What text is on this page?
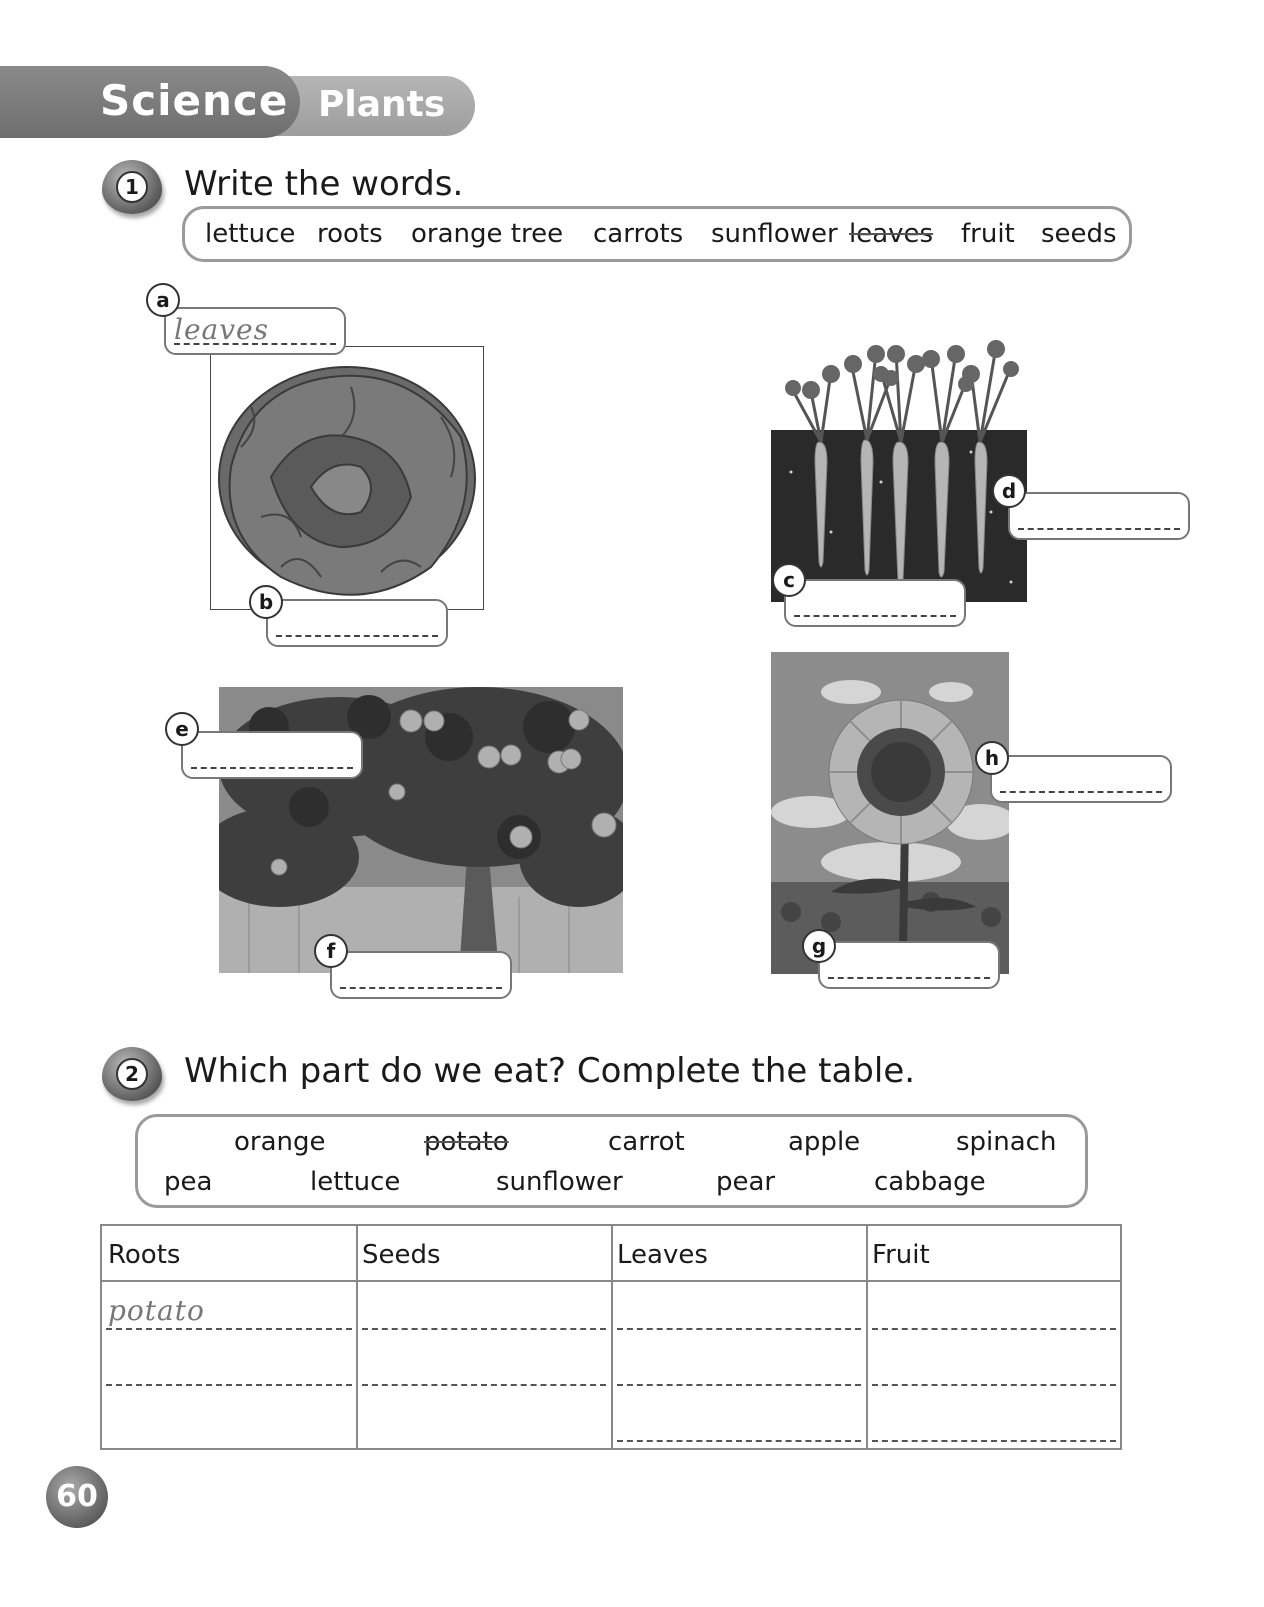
Science Plants
1 Write the words.
lettuce roots orange tree carrots sunflower leaves fruit seeds
leaves
a
b
c
d
e
f	g
h
2 Which part do we eat? Complete the table.
orange	potato	carrot	apple	spinach
pea	lettuce	sunflower	pear	cabbage
Roots	Seeds	Leaves	Fruit
potato
60
